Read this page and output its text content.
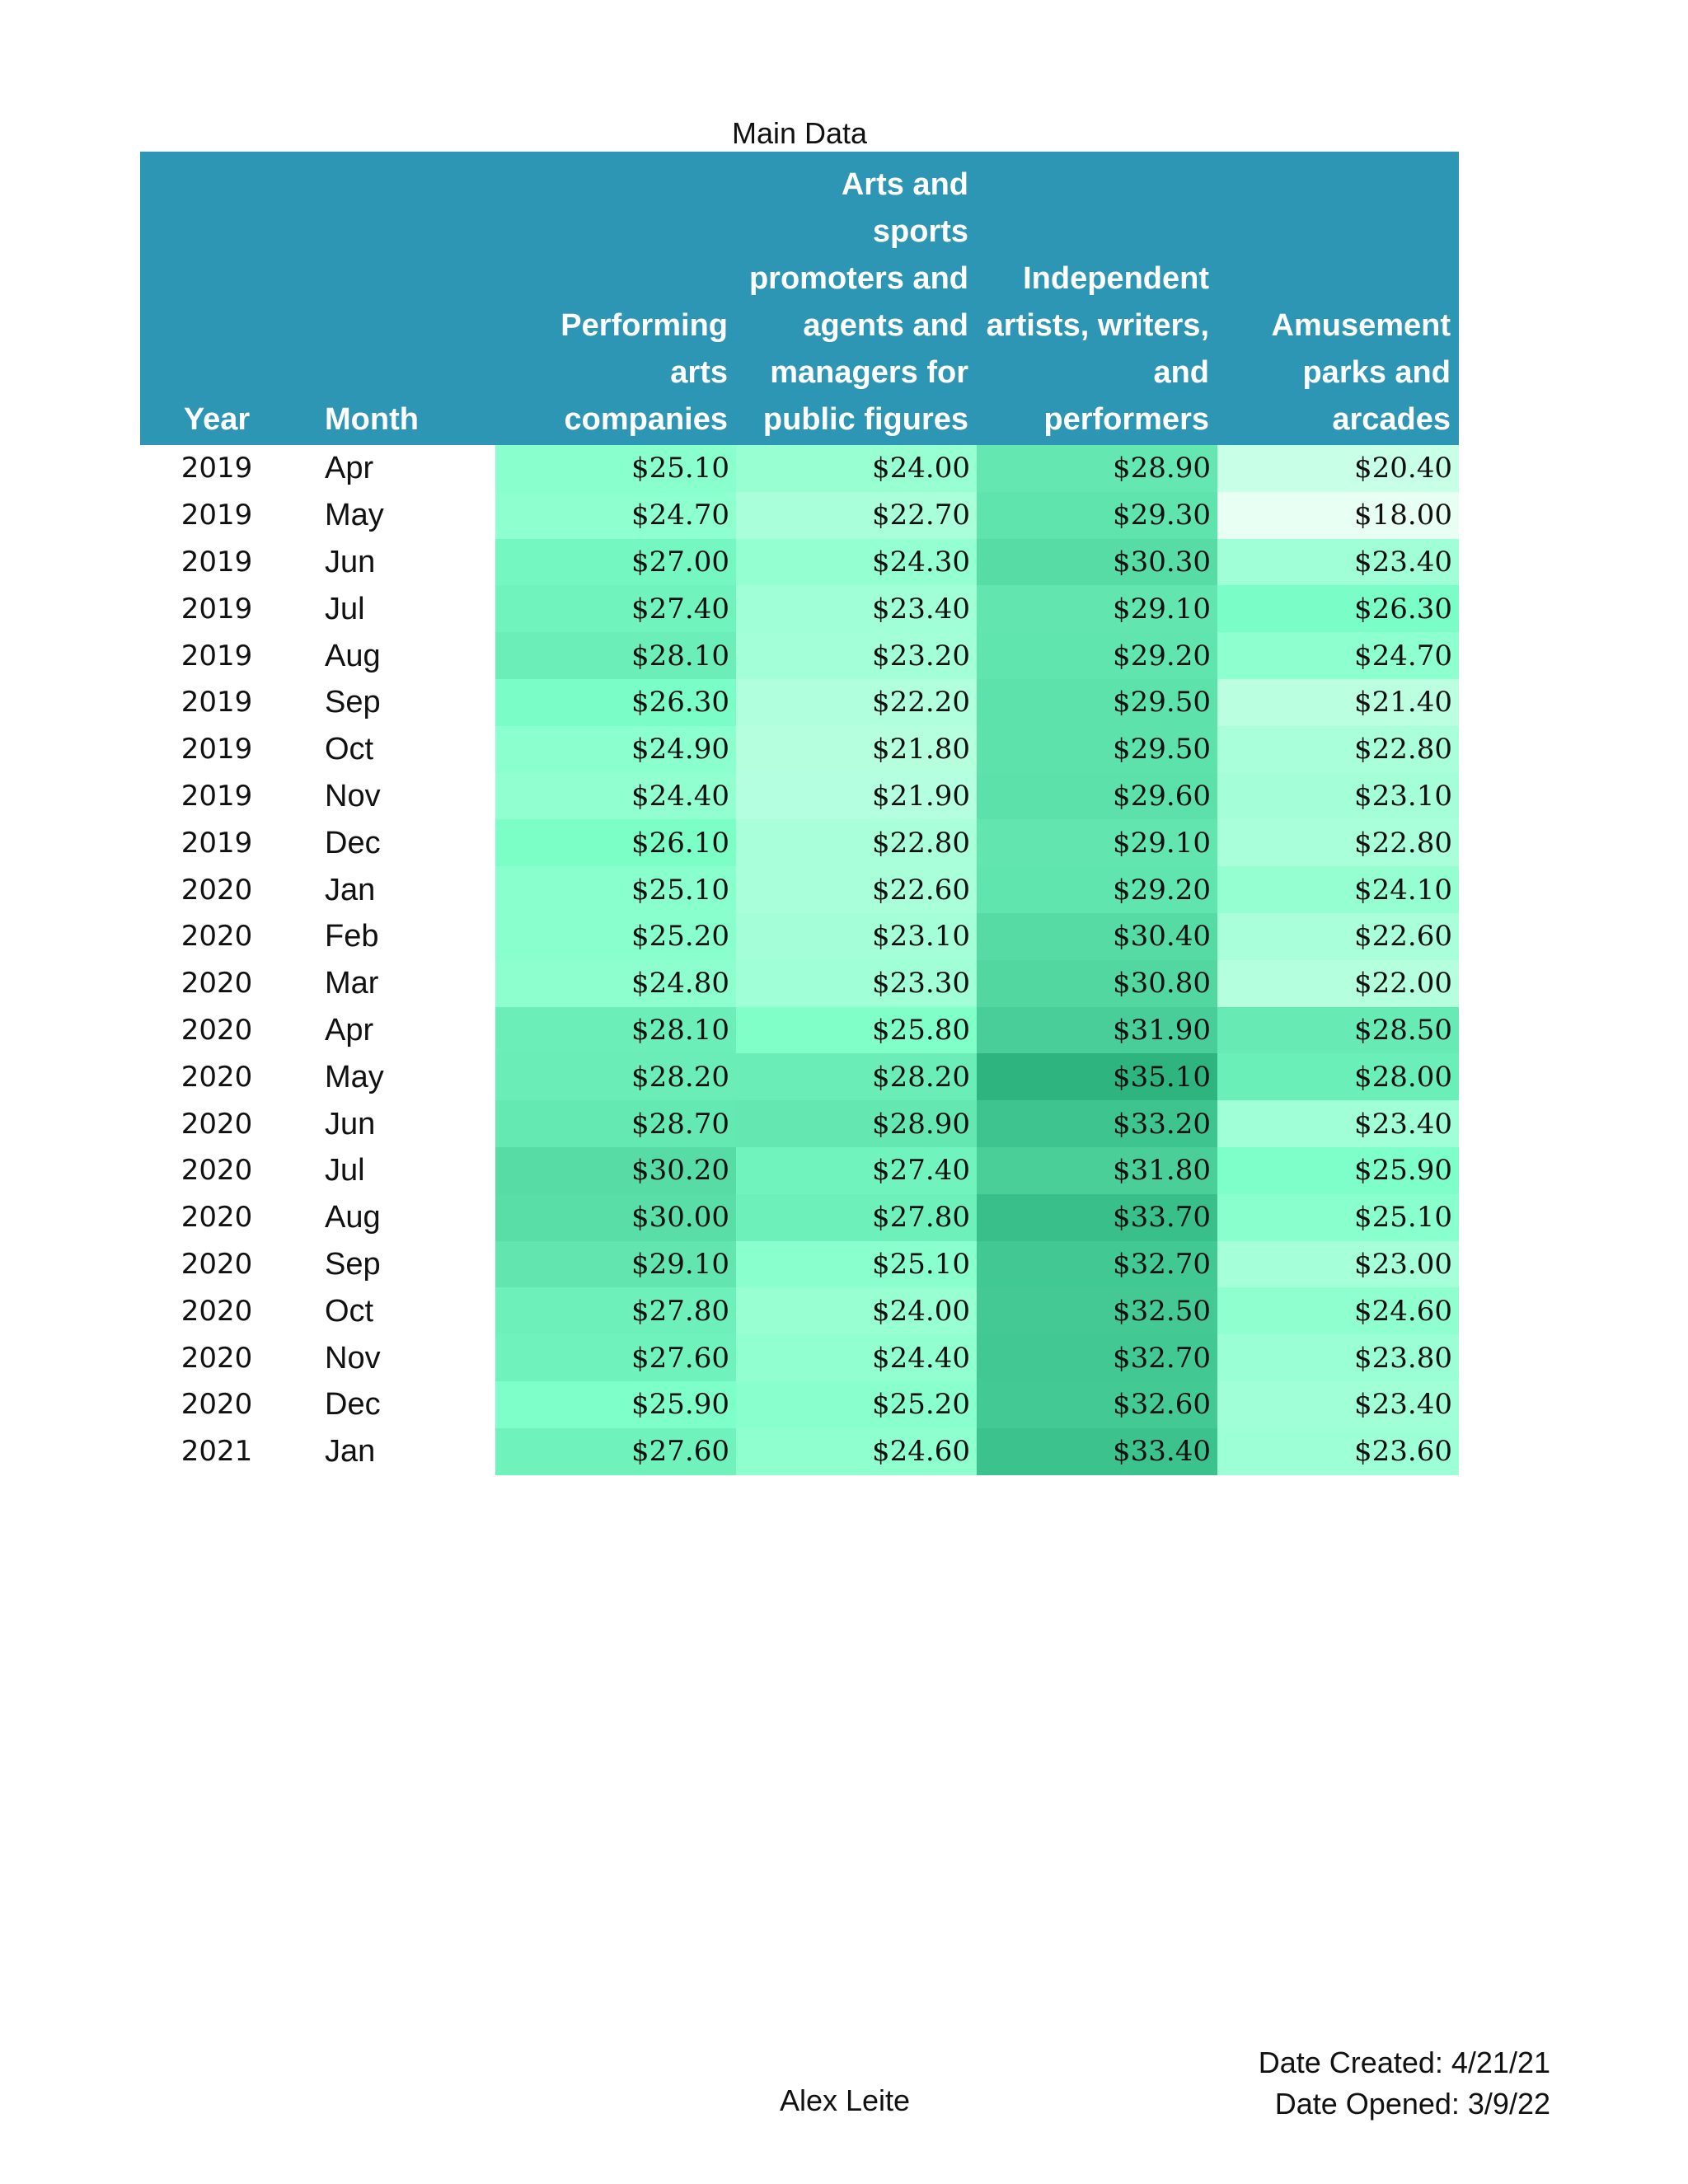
Main Data
Year	Month	Performing arts companies	Arts and sports promoters and agents and managers for public figures	Independent artists, writers, and performers	Amusement parks and arcades
2019	Apr	$25.10	$24.00	$28.90	$20.40
2019	May	$24.70	$22.70	$29.30	$18.00
2019	Jun	$27.00	$24.30	$30.30	$23.40
2019	Jul	$27.40	$23.40	$29.10	$26.30
2019	Aug	$28.10	$23.20	$29.20	$24.70
2019	Sep	$26.30	$22.20	$29.50	$21.40
2019	Oct	$24.90	$21.80	$29.50	$22.80
2019	Nov	$24.40	$21.90	$29.60	$23.10
2019	Dec	$26.10	$22.80	$29.10	$22.80
2020	Jan	$25.10	$22.60	$29.20	$24.10
2020	Feb	$25.20	$23.10	$30.40	$22.60
2020	Mar	$24.80	$23.30	$30.80	$22.00
2020	Apr	$28.10	$25.80	$31.90	$28.50
2020	May	$28.20	$28.20	$35.10	$28.00
2020	Jun	$28.70	$28.90	$33.20	$23.40
2020	Jul	$30.20	$27.40	$31.80	$25.90
2020	Aug	$30.00	$27.80	$33.70	$25.10
2020	Sep	$29.10	$25.10	$32.70	$23.00
2020	Oct	$27.80	$24.00	$32.50	$24.60
2020	Nov	$27.60	$24.40	$32.70	$23.80
2020	Dec	$25.90	$25.20	$32.60	$23.40
2021	Jan	$27.60	$24.60	$33.40	$23.60
Alex Leite
Date Created: 4/21/21
Date Opened: 3/9/22
